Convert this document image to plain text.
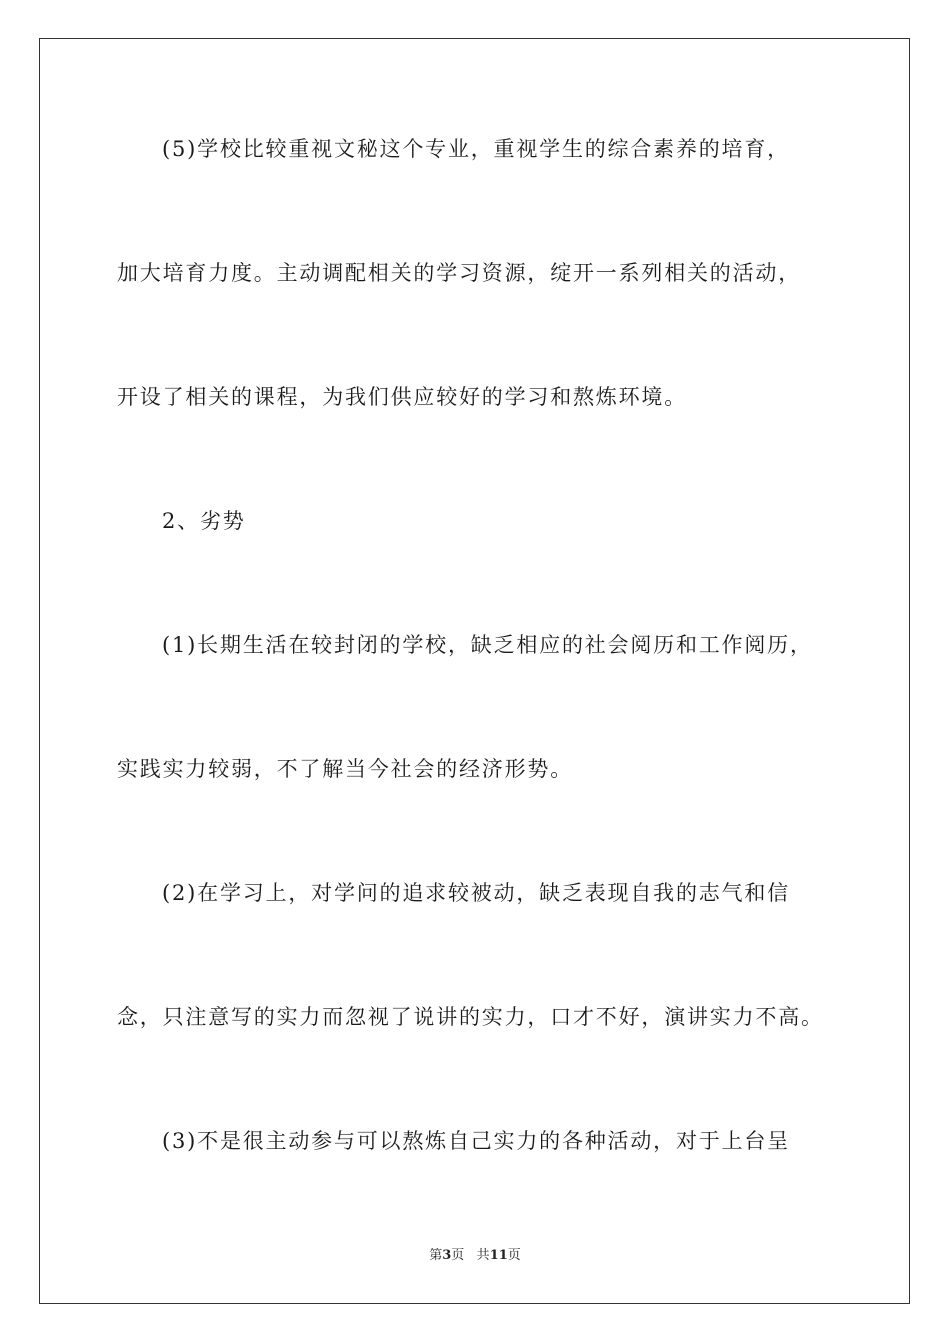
(5)学校比较重视文秘这个专业，重视学生的综合素养的培育，
加大培育力度。主动调配相关的学习资源，绽开一系列相关的活动，
开设了相关的课程，为我们供应较好的学习和熬炼环境。
2、劣势
(1)长期生活在较封闭的学校，缺乏相应的社会阅历和工作阅历，
实践实力较弱，不了解当今社会的经济形势。
(2)在学习上，对学问的追求较被动，缺乏表现自我的志气和信
念，只注意写的实力而忽视了说讲的实力，口才不好，演讲实力不高。
(3)不是很主动参与可以熬炼自己实力的各种活动，对于上台呈
第3页 共11页
